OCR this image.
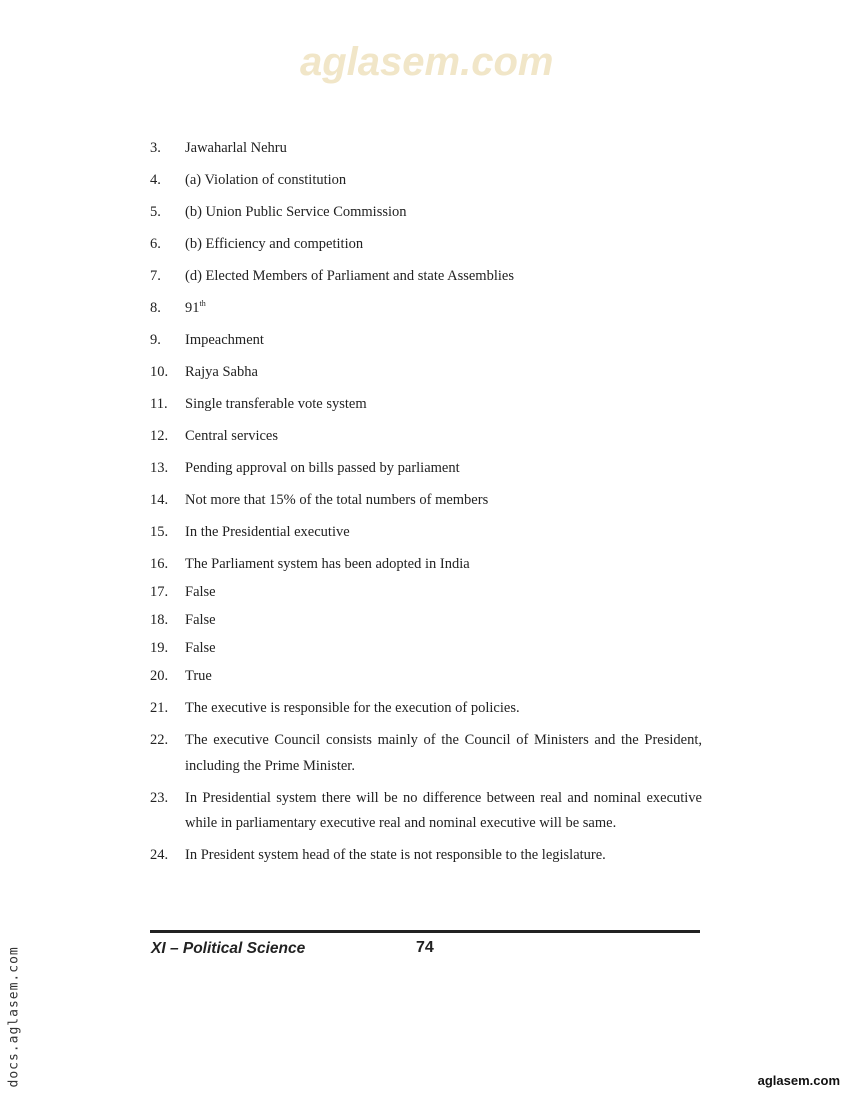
aglasem.com
3.	Jawaharlal Nehru
4.	(a) Violation of constitution
5.	(b) Union Public Service Commission
6.	(b) Efficiency and competition
7.	(d) Elected Members of Parliament and state Assemblies
8.	91th
9.	Impeachment
10.	Rajya Sabha
11.	Single transferable vote system
12.	Central services
13.	Pending approval on bills passed by parliament
14.	Not more that 15% of the total numbers of members
15.	In the Presidential executive
16.	The Parliament system has been adopted in India
17.	False
18.	False
19.	False
20.	True
21.	The executive is responsible for the execution of policies.
22.	The executive Council consists mainly of the Council of Ministers and the President, including the Prime Minister.
23.	In Presidential system there will be no difference between real and nominal executive while in parliamentary executive real and nominal executive will be same.
24.	In President system head of the state is not responsible to the legislature.
XI – Political Science	74
docs.aglasem.com	aglasem.com
